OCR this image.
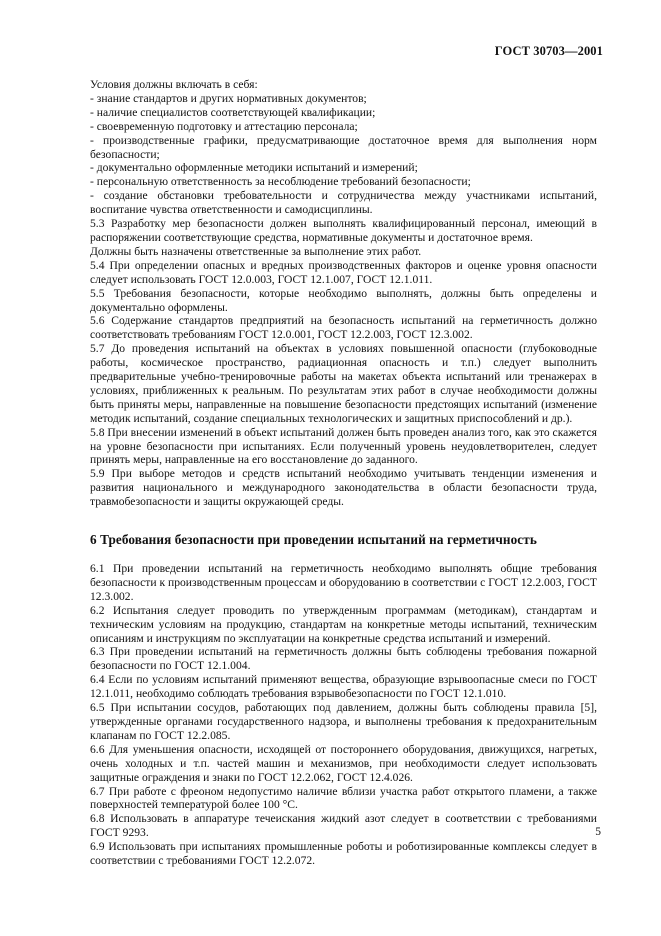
ГОСТ 30703—2001

Условия должны включать в себя:

- знание стандартов и других нормативных документов;

- наличие специалистов соответствующей квалификации;

- своевременную подготовку и аттестацию персонала;

- производственные графики, предусматривающие достаточное время для выполнения норм безопасности;

- документально оформленные методики испытаний и измерений;

- персональную ответственность за несоблюдение требований безопасности;

- создание обстановки требовательности и сотрудничества между участниками испытаний, воспитание чувства ответственности и самодисциплины.

5.3 Разработку мер безопасности должен выполнять квалифицированный персонал, имеющий в распоряжении соответствующие средства, нормативные документы и достаточное время.

Должны быть назначены ответственные за выполнение этих работ.

5.4 При определении опасных и вредных производственных факторов и оценке уровня опасности следует использовать ГОСТ 12.0.003, ГОСТ 12.1.007, ГОСТ 12.1.011.

5.5 Требования безопасности, которые необходимо выполнять, должны быть определены и документально оформлены.

5.6 Содержание стандартов предприятий на безопасность испытаний на герметичность должно соответствовать требованиям ГОСТ 12.0.001, ГОСТ 12.2.003, ГОСТ 12.3.002.

5.7 До проведения испытаний на объектах в условиях повышенной опасности (глубоководные работы, космическое пространство, радиационная опасность и т.п.) следует выполнить предварительные учебно-тренировочные работы на макетах объекта испытаний или тренажерах в условиях, приближенных к реальным. По результатам этих работ в случае необходимости должны быть приняты меры, направленные на повышение безопасности предстоящих испытаний (изменение методик испытаний, создание специальных технологических и защитных приспособлений и др.).

5.8 При внесении изменений в объект испытаний должен быть проведен анализ того, как это скажется на уровне безопасности при испытаниях. Если полученный уровень неудовлетворителен, следует принять меры, направленные на его восстановление до заданного.

5.9 При выборе методов и средств испытаний необходимо учитывать тенденции изменения и развития национального и международного законодательства в области безопасности труда, травмобезопасности и защиты окружающей среды.

6 Требования безопасности при проведении испытаний на герметичность

6.1 При проведении испытаний на герметичность необходимо выполнять общие требования безопасности к производственным процессам и оборудованию в соответствии с ГОСТ 12.2.003, ГОСТ 12.3.002.

6.2 Испытания следует проводить по утвержденным программам (методикам), стандартам и техническим условиям на продукцию, стандартам на конкретные методы испытаний, техническим описаниям и инструкциям по эксплуатации на конкретные средства испытаний и измерений.

6.3 При проведении испытаний на герметичность должны быть соблюдены требования пожарной безопасности по ГОСТ 12.1.004.

6.4 Если по условиям испытаний применяют вещества, образующие взрывоопасные смеси по ГОСТ 12.1.011, необходимо соблюдать требования взрывобезопасности по ГОСТ 12.1.010.

6.5 При испытании сосудов, работающих под давлением, должны быть соблюдены правила [5], утвержденные органами государственного надзора, и выполнены требования к предохранительным клапанам по ГОСТ 12.2.085.

6.6 Для уменьшения опасности, исходящей от постороннего оборудования, движущихся, нагретых, очень холодных и т.п. частей машин и механизмов, при необходимости следует использовать защитные ограждения и знаки по ГОСТ 12.2.062, ГОСТ 12.4.026.

6.7 При работе с фреоном недопустимо наличие вблизи участка работ открытого пламени, а также поверхностей температурой более 100 °С.

6.8 Использовать в аппаратуре течеискания жидкий азот следует в соответствии с требованиями ГОСТ 9293.

6.9 Использовать при испытаниях промышленные роботы и роботизированные комплексы следует в соответствии с требованиями ГОСТ 12.2.072.

5
